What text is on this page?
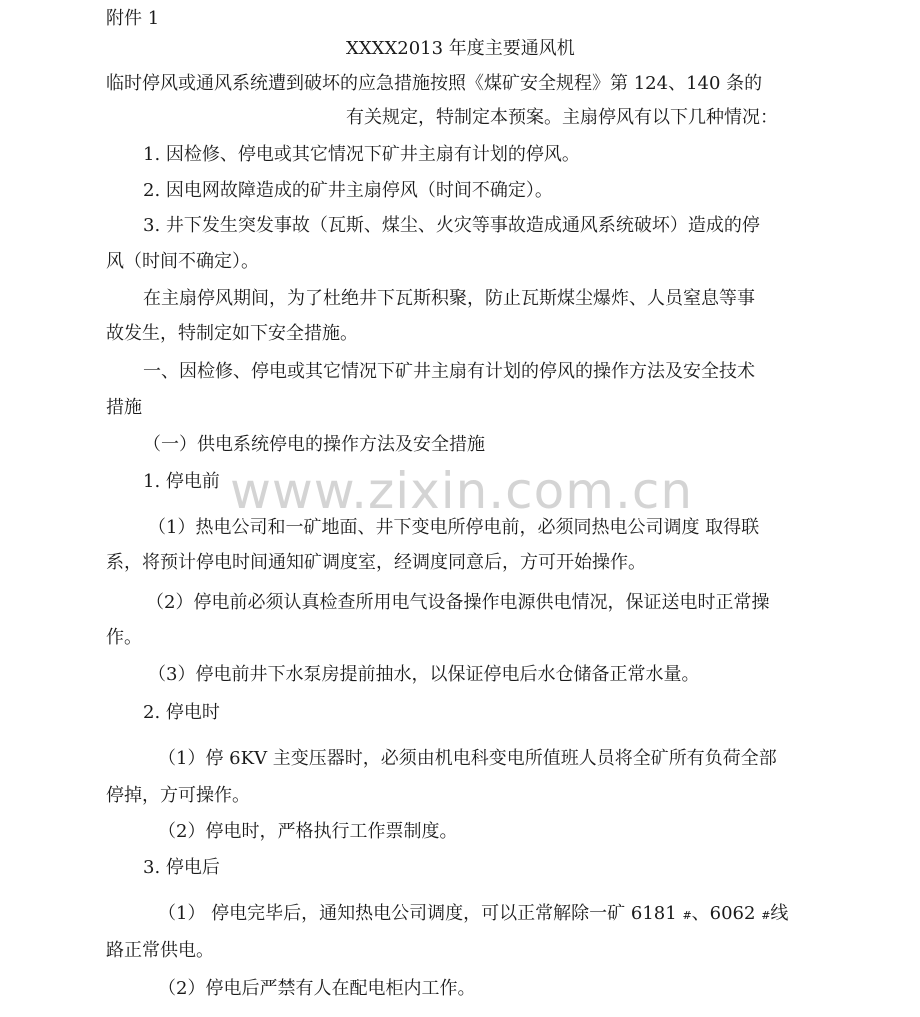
www.zixin.com.cn
附件 1
XXXX2013 年度主要通风机
临时停风或通风系统遭到破坏的应急措施按照《煤矿安全规程》第 124、140 条的
有关规定，特制定本预案。主扇停风有以下几种情况：
1. 因检修、停电或其它情况下矿井主扇有计划的停风。
2. 因电网故障造成的矿井主扇停风（时间不确定）。
3. 井下发生突发事故（瓦斯、煤尘、火灾等事故造成通风系统破坏）造成的停
风（时间不确定）。
在主扇停风期间，为了杜绝井下瓦斯积聚，防止瓦斯煤尘爆炸、人员窒息等事
故发生，特制定如下安全措施。
一、因检修、停电或其它情况下矿井主扇有计划的停风的操作方法及安全技术
措施
（一）供电系统停电的操作方法及安全措施
1. 停电前
（1）热电公司和一矿地面、井下变电所停电前，必须同热电公司调度 取得联
系，将预计停电时间通知矿调度室，经调度同意后，方可开始操作。
（2）停电前必须认真检查所用电气设备操作电源供电情况，保证送电时正常操
作。
（3）停电前井下水泵房提前抽水，以保证停电后水仓储备正常水量。
2. 停电时
（1）停 6KV 主变压器时，必须由机电科变电所值班人员将全矿所有负荷全部
停掉，方可操作。
（2）停电时，严格执行工作票制度。
3. 停电后
（1） 停电完毕后，通知热电公司调度，可以正常解除一矿 6181 #、6062 #线
路正常供电。
（2）停电后严禁有人在配电柜内工作。
